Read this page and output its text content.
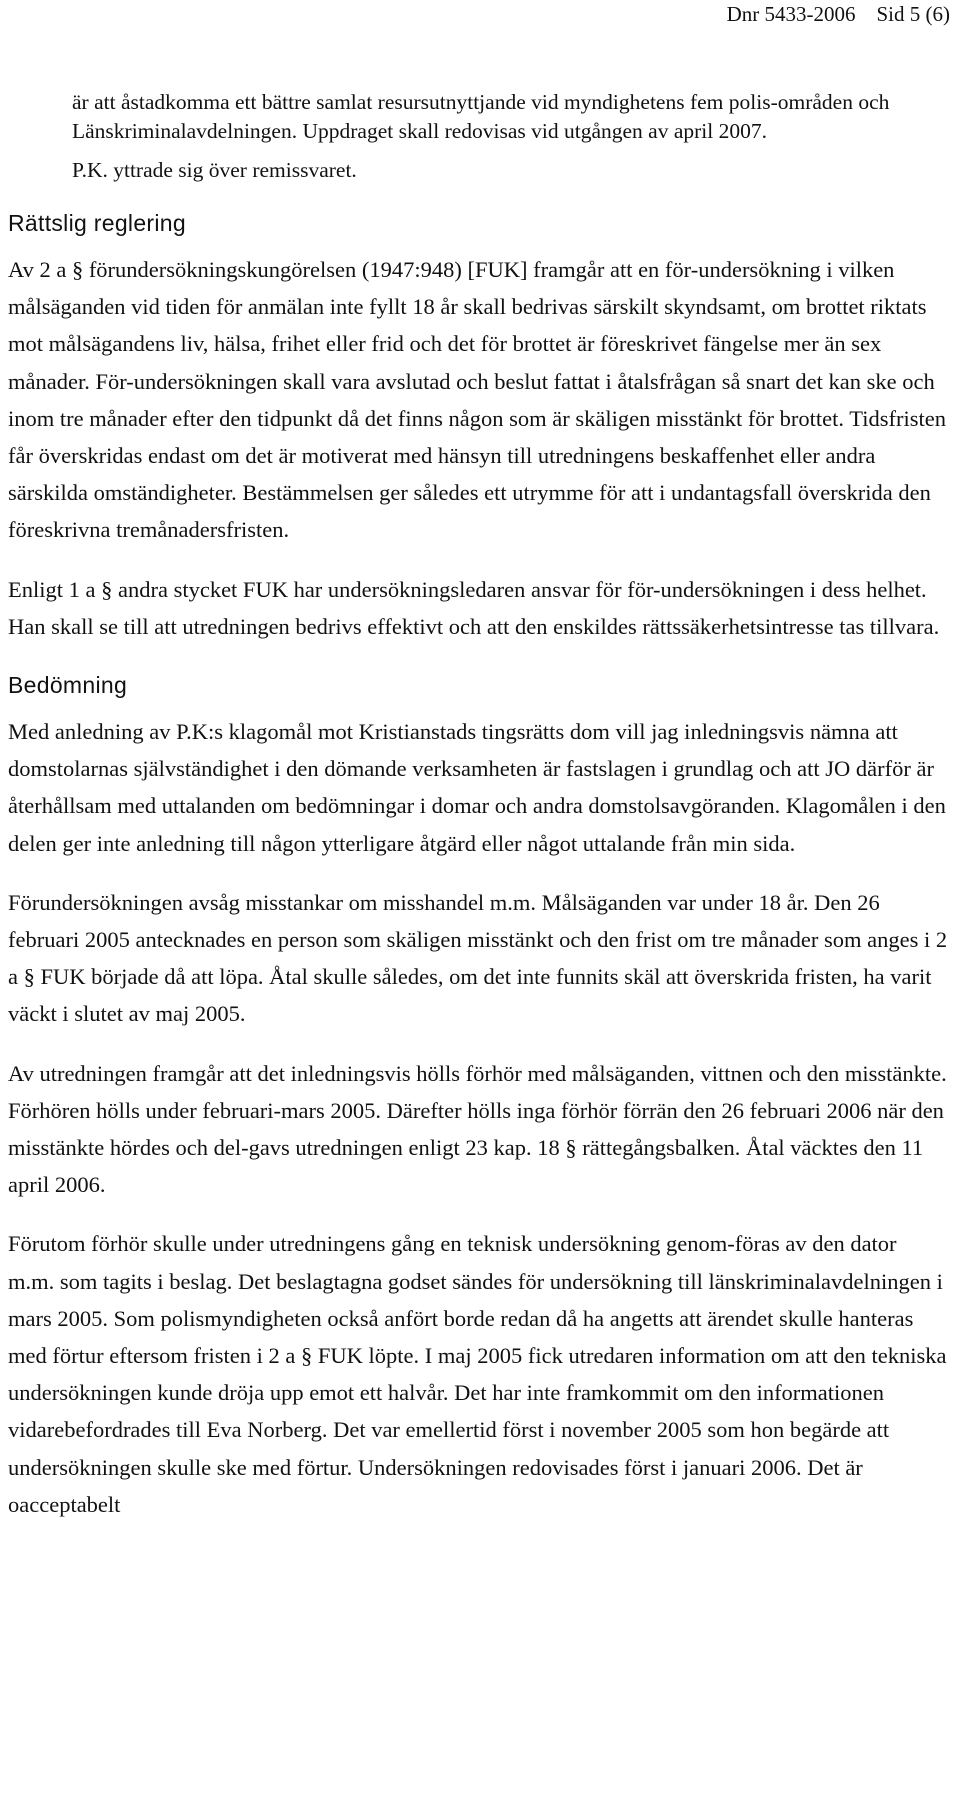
Dnr 5433-2006 Sid 5 (6)

är att åstadkomma ett bättre samlat resursutnyttjande vid myndighetens fem polis-områden och Länskriminalavdelningen. Uppdraget skall redovisas vid utgången av april 2007.

P.K. yttrade sig över remissvaret.

Rättslig reglering

Av 2 a § förundersökningskungörelsen (1947:948) [FUK] framgår att en för-undersökning i vilken målsäganden vid tiden för anmälan inte fyllt 18 år skall bedrivas särskilt skyndsamt, om brottet riktats mot målsägandens liv, hälsa, frihet eller frid och det för brottet är föreskrivet fängelse mer än sex månader. För-undersökningen skall vara avslutad och beslut fattat i åtalsfrågan så snart det kan ske och inom tre månader efter den tidpunkt då det finns någon som är skäligen misstänkt för brottet. Tidsfristen får överskridas endast om det är motiverat med hänsyn till utredningens beskaffenhet eller andra särskilda omständigheter. Bestämmelsen ger således ett utrymme för att i undantagsfall överskrida den föreskrivna tremånadersfristen.

Enligt 1 a § andra stycket FUK har undersökningsledaren ansvar för för-undersökningen i dess helhet. Han skall se till att utredningen bedrivs effektivt och att den enskildes rättssäkerhetsintresse tas tillvara.

Bedömning

Med anledning av P.K:s klagomål mot Kristianstads tingsrätts dom vill jag inledningsvis nämna att domstolarnas självständighet i den dömande verksamheten är fastslagen i grundlag och att JO därför är återhållsam med uttalanden om bedömningar i domar och andra domstolsavgöranden. Klagomålen i den delen ger inte anledning till någon ytterligare åtgärd eller något uttalande från min sida.

Förundersökningen avsåg misstankar om misshandel m.m. Målsäganden var under 18 år. Den 26 februari 2005 antecknades en person som skäligen misstänkt och den frist om tre månader som anges i 2 a § FUK började då att löpa. Åtal skulle således, om det inte funnits skäl att överskrida fristen, ha varit väckt i slutet av maj 2005.

Av utredningen framgår att det inledningsvis hölls förhör med målsäganden, vittnen och den misstänkte. Förhören hölls under februari-mars 2005. Därefter hölls inga förhör förrän den 26 februari 2006 när den misstänkte hördes och del-gavs utredningen enligt 23 kap. 18 § rättegångsbalken. Åtal väcktes den 11 april 2006.

Förutom förhör skulle under utredningens gång en teknisk undersökning genom-föras av den dator m.m. som tagits i beslag. Det beslagtagna godset sändes för undersökning till länskriminalavdelningen i mars 2005. Som polismyndigheten också anfört borde redan då ha angetts att ärendet skulle hanteras med förtur eftersom fristen i 2 a § FUK löpte. I maj 2005 fick utredaren information om att den tekniska undersökningen kunde dröja upp emot ett halvår. Det har inte framkommit om den informationen vidarebefordrades till Eva Norberg. Det var emellertid först i november 2005 som hon begärde att undersökningen skulle ske med förtur. Undersökningen redovisades först i januari 2006. Det är oacceptabelt
